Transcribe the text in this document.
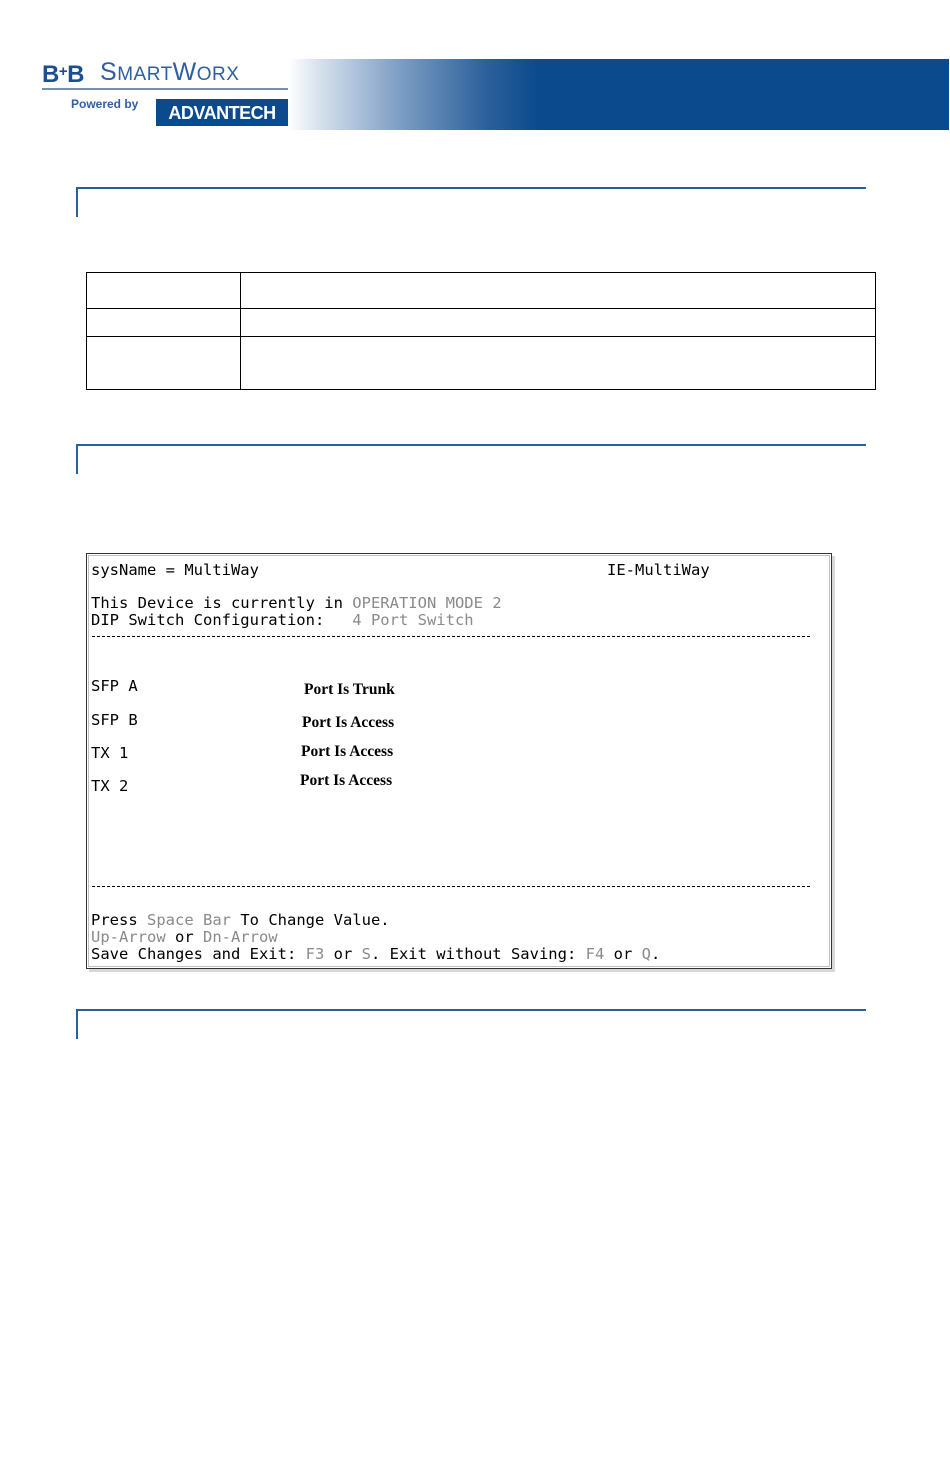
B+B SMARTWORX
Powered by	ADVANTECH

sysName = MultiWay	IE-MultiWay
This Device is currently in OPERATION MODE 2
DIP Switch Configuration:   4 Port Switch
SFP A	Port Is Trunk
SFP B	Port Is Access
TX 1	Port Is Access
TX 2	Port Is Access
Press Space Bar To Change Value.
Up-Arrow or Dn-Arrow
Save Changes and Exit: F3 or S. Exit without Saving: F4 or Q.
